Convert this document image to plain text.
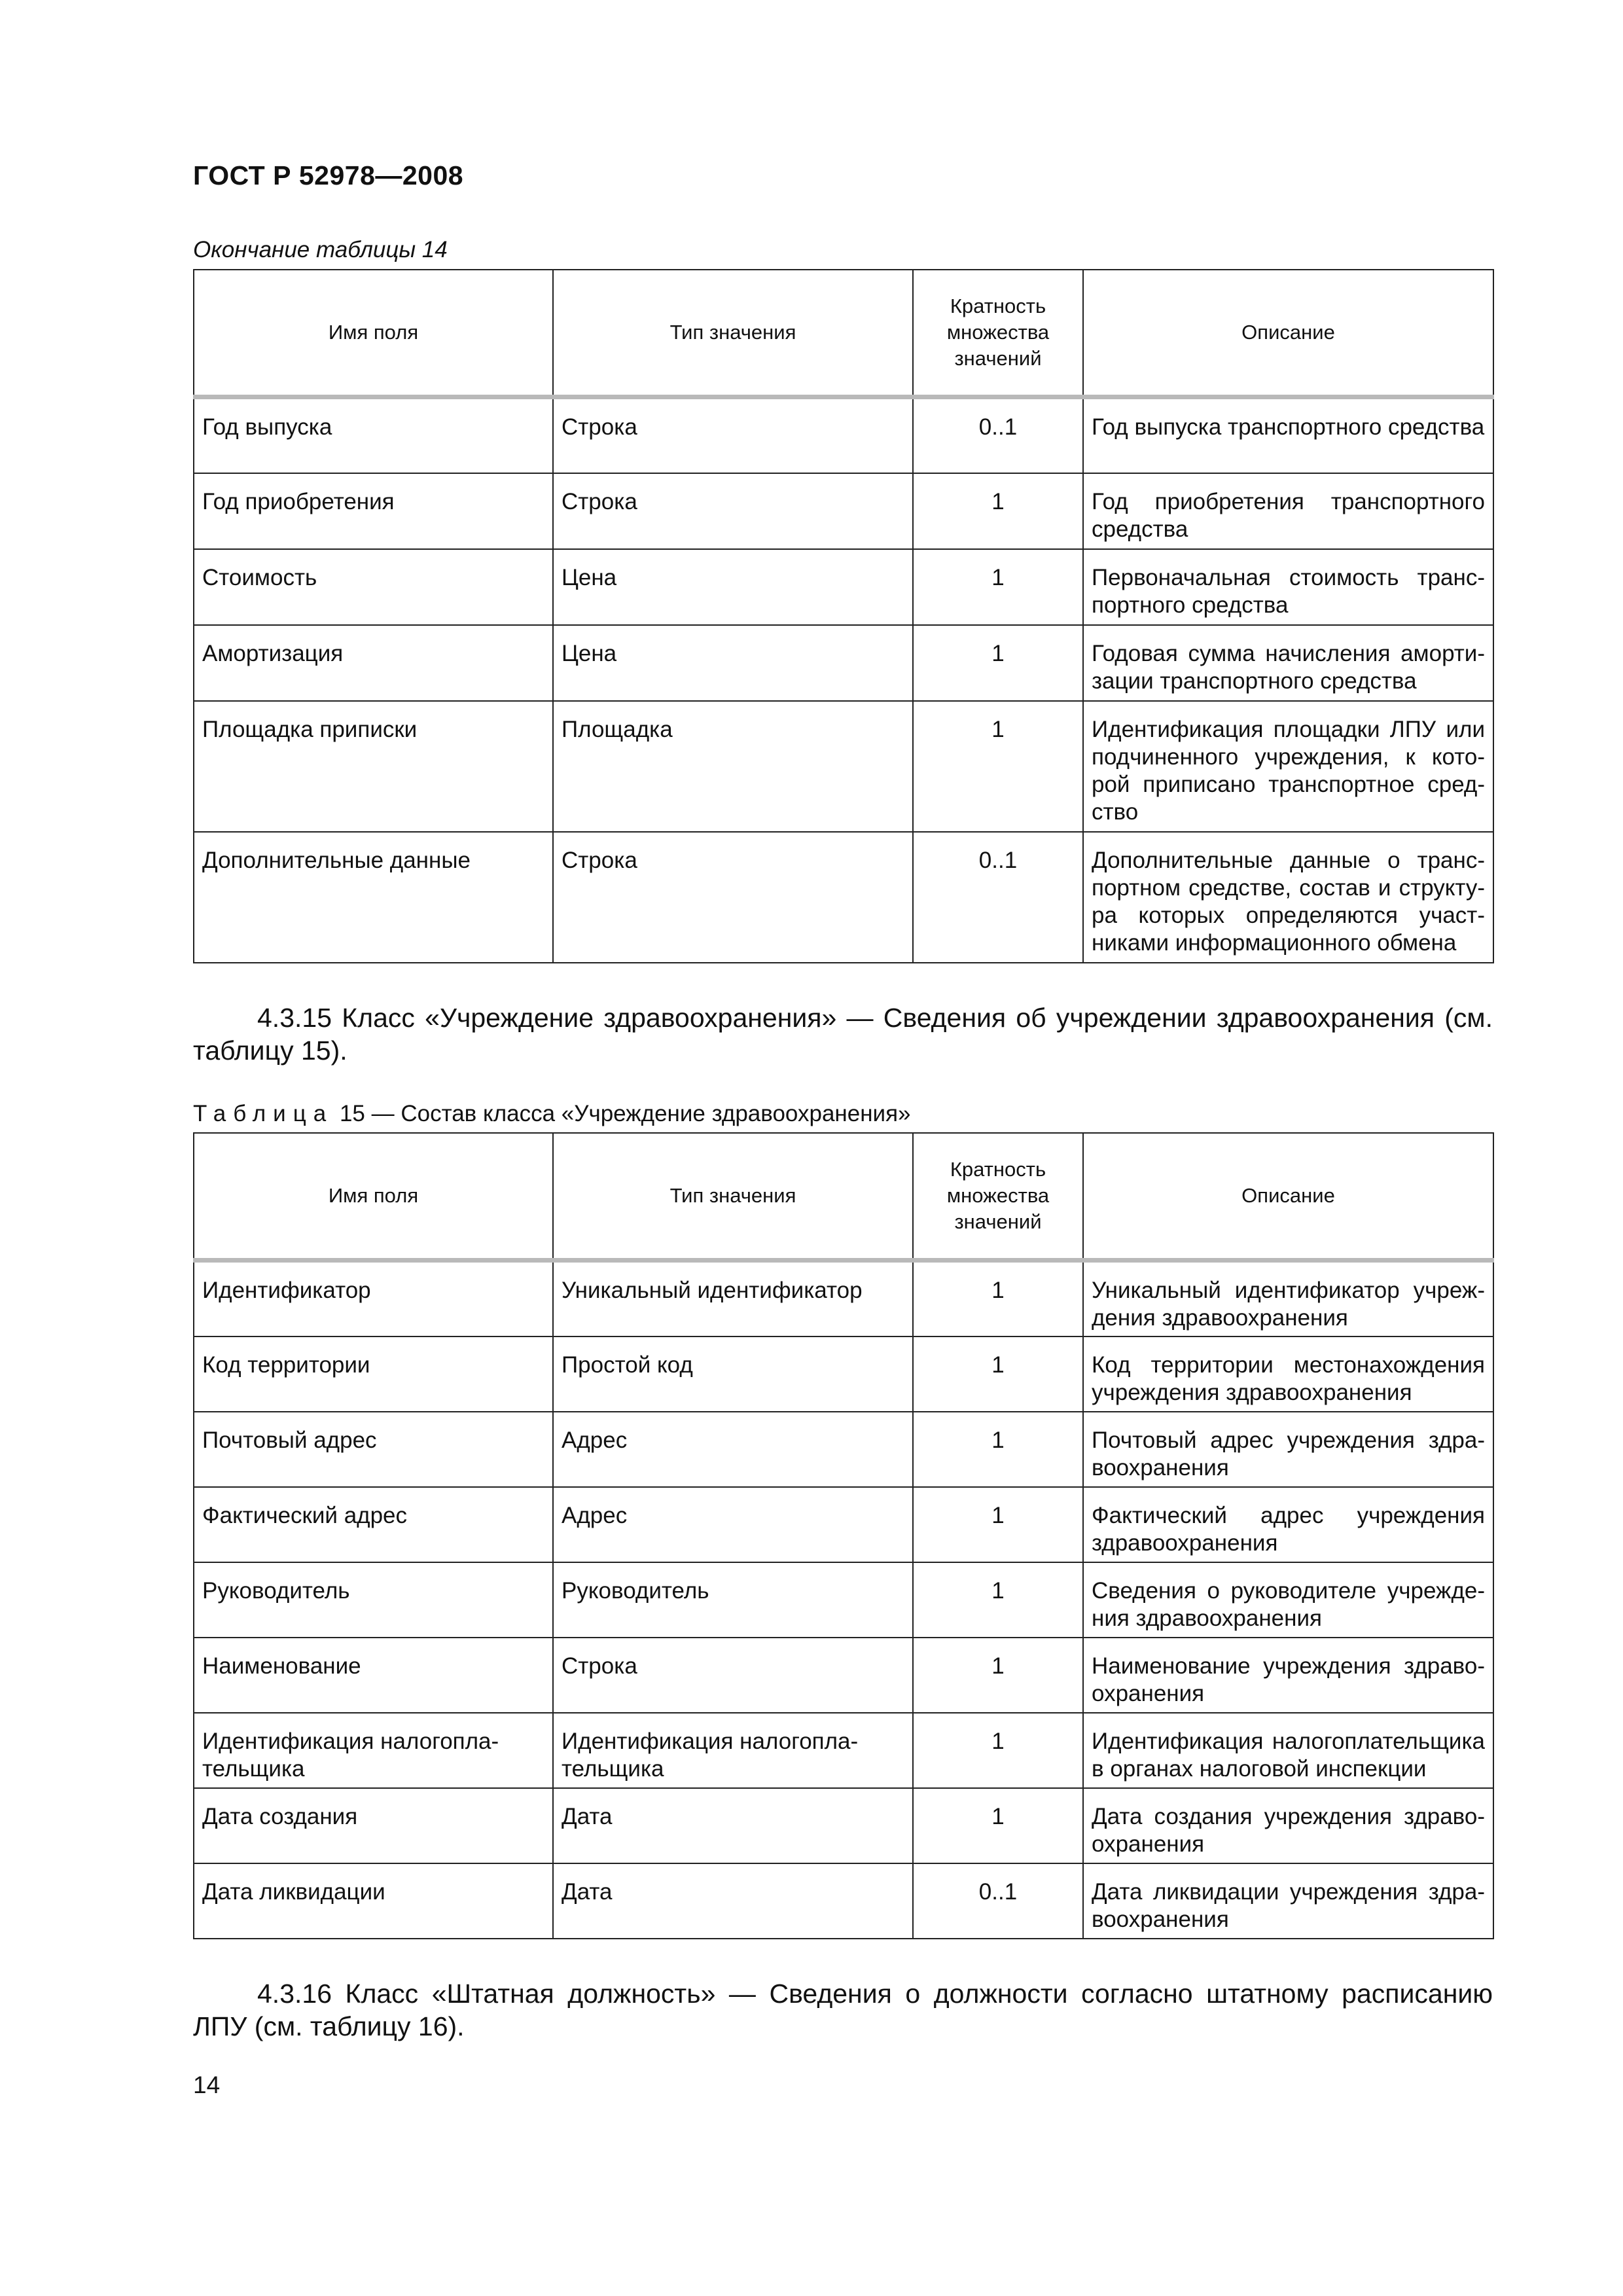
ГОСТ Р 52978—2008
Окончание таблицы 14
Имя поля	Тип значения	Кратность множества значений	Описание
Год выпуска	Строка	0..1	Год выпуска транспортного средства
Год приобретения	Строка	1	Год приобретения транспортного средства
Стоимость	Цена	1	Первоначальная стоимость транспортного средства
Амортизация	Цена	1	Годовая сумма начисления амортизации транспортного средства
Площадка приписки	Площадка	1	Идентификация площадки ЛПУ или подчиненного учреждения, к которой приписано транспортное средство
Дополнительные данные	Строка	0..1	Дополнительные данные о транспортном средстве, состав и структура которых определяются участниками информационного обмена
4.3.15 Класс «Учреждение здравоохранения» — Сведения об учреждении здравоохранения (см. таблицу 15).
Таблица 15 — Состав класса «Учреждение здравоохранения»
Имя поля	Тип значения	Кратность множества значений	Описание
Идентификатор	Уникальный идентификатор	1	Уникальный идентификатор учреждения здравоохранения
Код территории	Простой код	1	Код территории местонахождения учреждения здравоохранения
Почтовый адрес	Адрес	1	Почтовый адрес учреждения здравоохранения
Фактический адрес	Адрес	1	Фактический адрес учреждения здравоохранения
Руководитель	Руководитель	1	Сведения о руководителе учреждения здравоохранения
Наименование	Строка	1	Наименование учреждения здравоохранения
Идентификация налогоплательщика	Идентификация налогоплательщика	1	Идентификация налогоплательщика в органах налоговой инспекции
Дата создания	Дата	1	Дата создания учреждения здравоохранения
Дата ликвидации	Дата	0..1	Дата ликвидации учреждения здравоохранения
4.3.16 Класс «Штатная должность» — Сведения о должности согласно штатному расписанию ЛПУ (см. таблицу 16).
14
